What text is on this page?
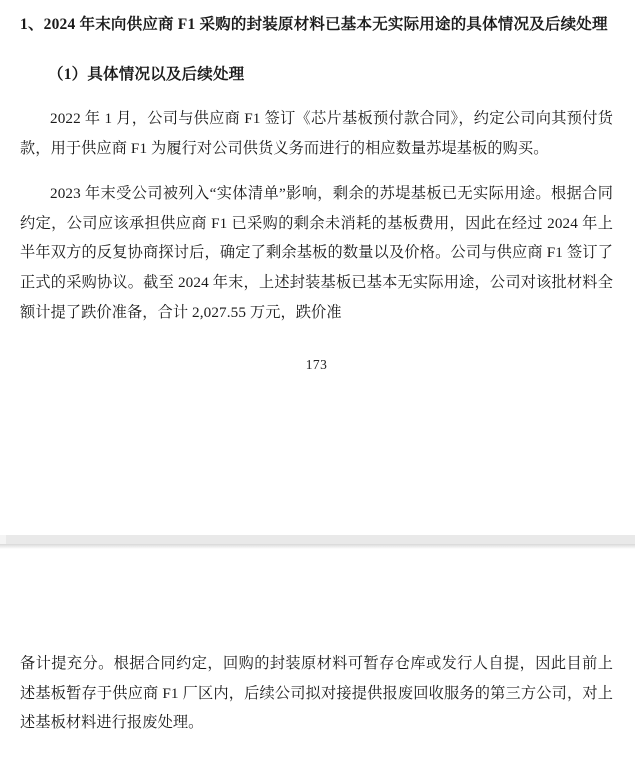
1、2024 年末向供应商 F1 采购的封装原材料已基本无实际用途的具体情况及后续处理
（1）具体情况以及后续处理

2022 年 1 月，公司与供应商 F1 签订《芯片基板预付款合同》，约定公司向其预付货款，用于供应商 F1 为履行对公司供货义务而进行的相应数量苏堤基板的购买。

2023 年末受公司被列入“实体清单”影响，剩余的苏堤基板已无实际用途。根据合同约定，公司应该承担供应商 F1 已采购的剩余未消耗的基板费用，因此在经过 2024 年上半年双方的反复协商探讨后，确定了剩余基板的数量以及价格。公司与供应商 F1 签订了正式的采购协议。截至 2024 年末，上述封装基板已基本无实际用途，公司对该批材料全额计提了跌价准备，合计 2,027.55 万元，跌价准

173

备计提充分。根据合同约定，回购的封装原材料可暂存仓库或发行人自提，因此目前上述基板暂存于供应商 F1 厂区内，后续公司拟对接提供报废回收服务的第三方公司，对上述基板材料进行报废处理。
